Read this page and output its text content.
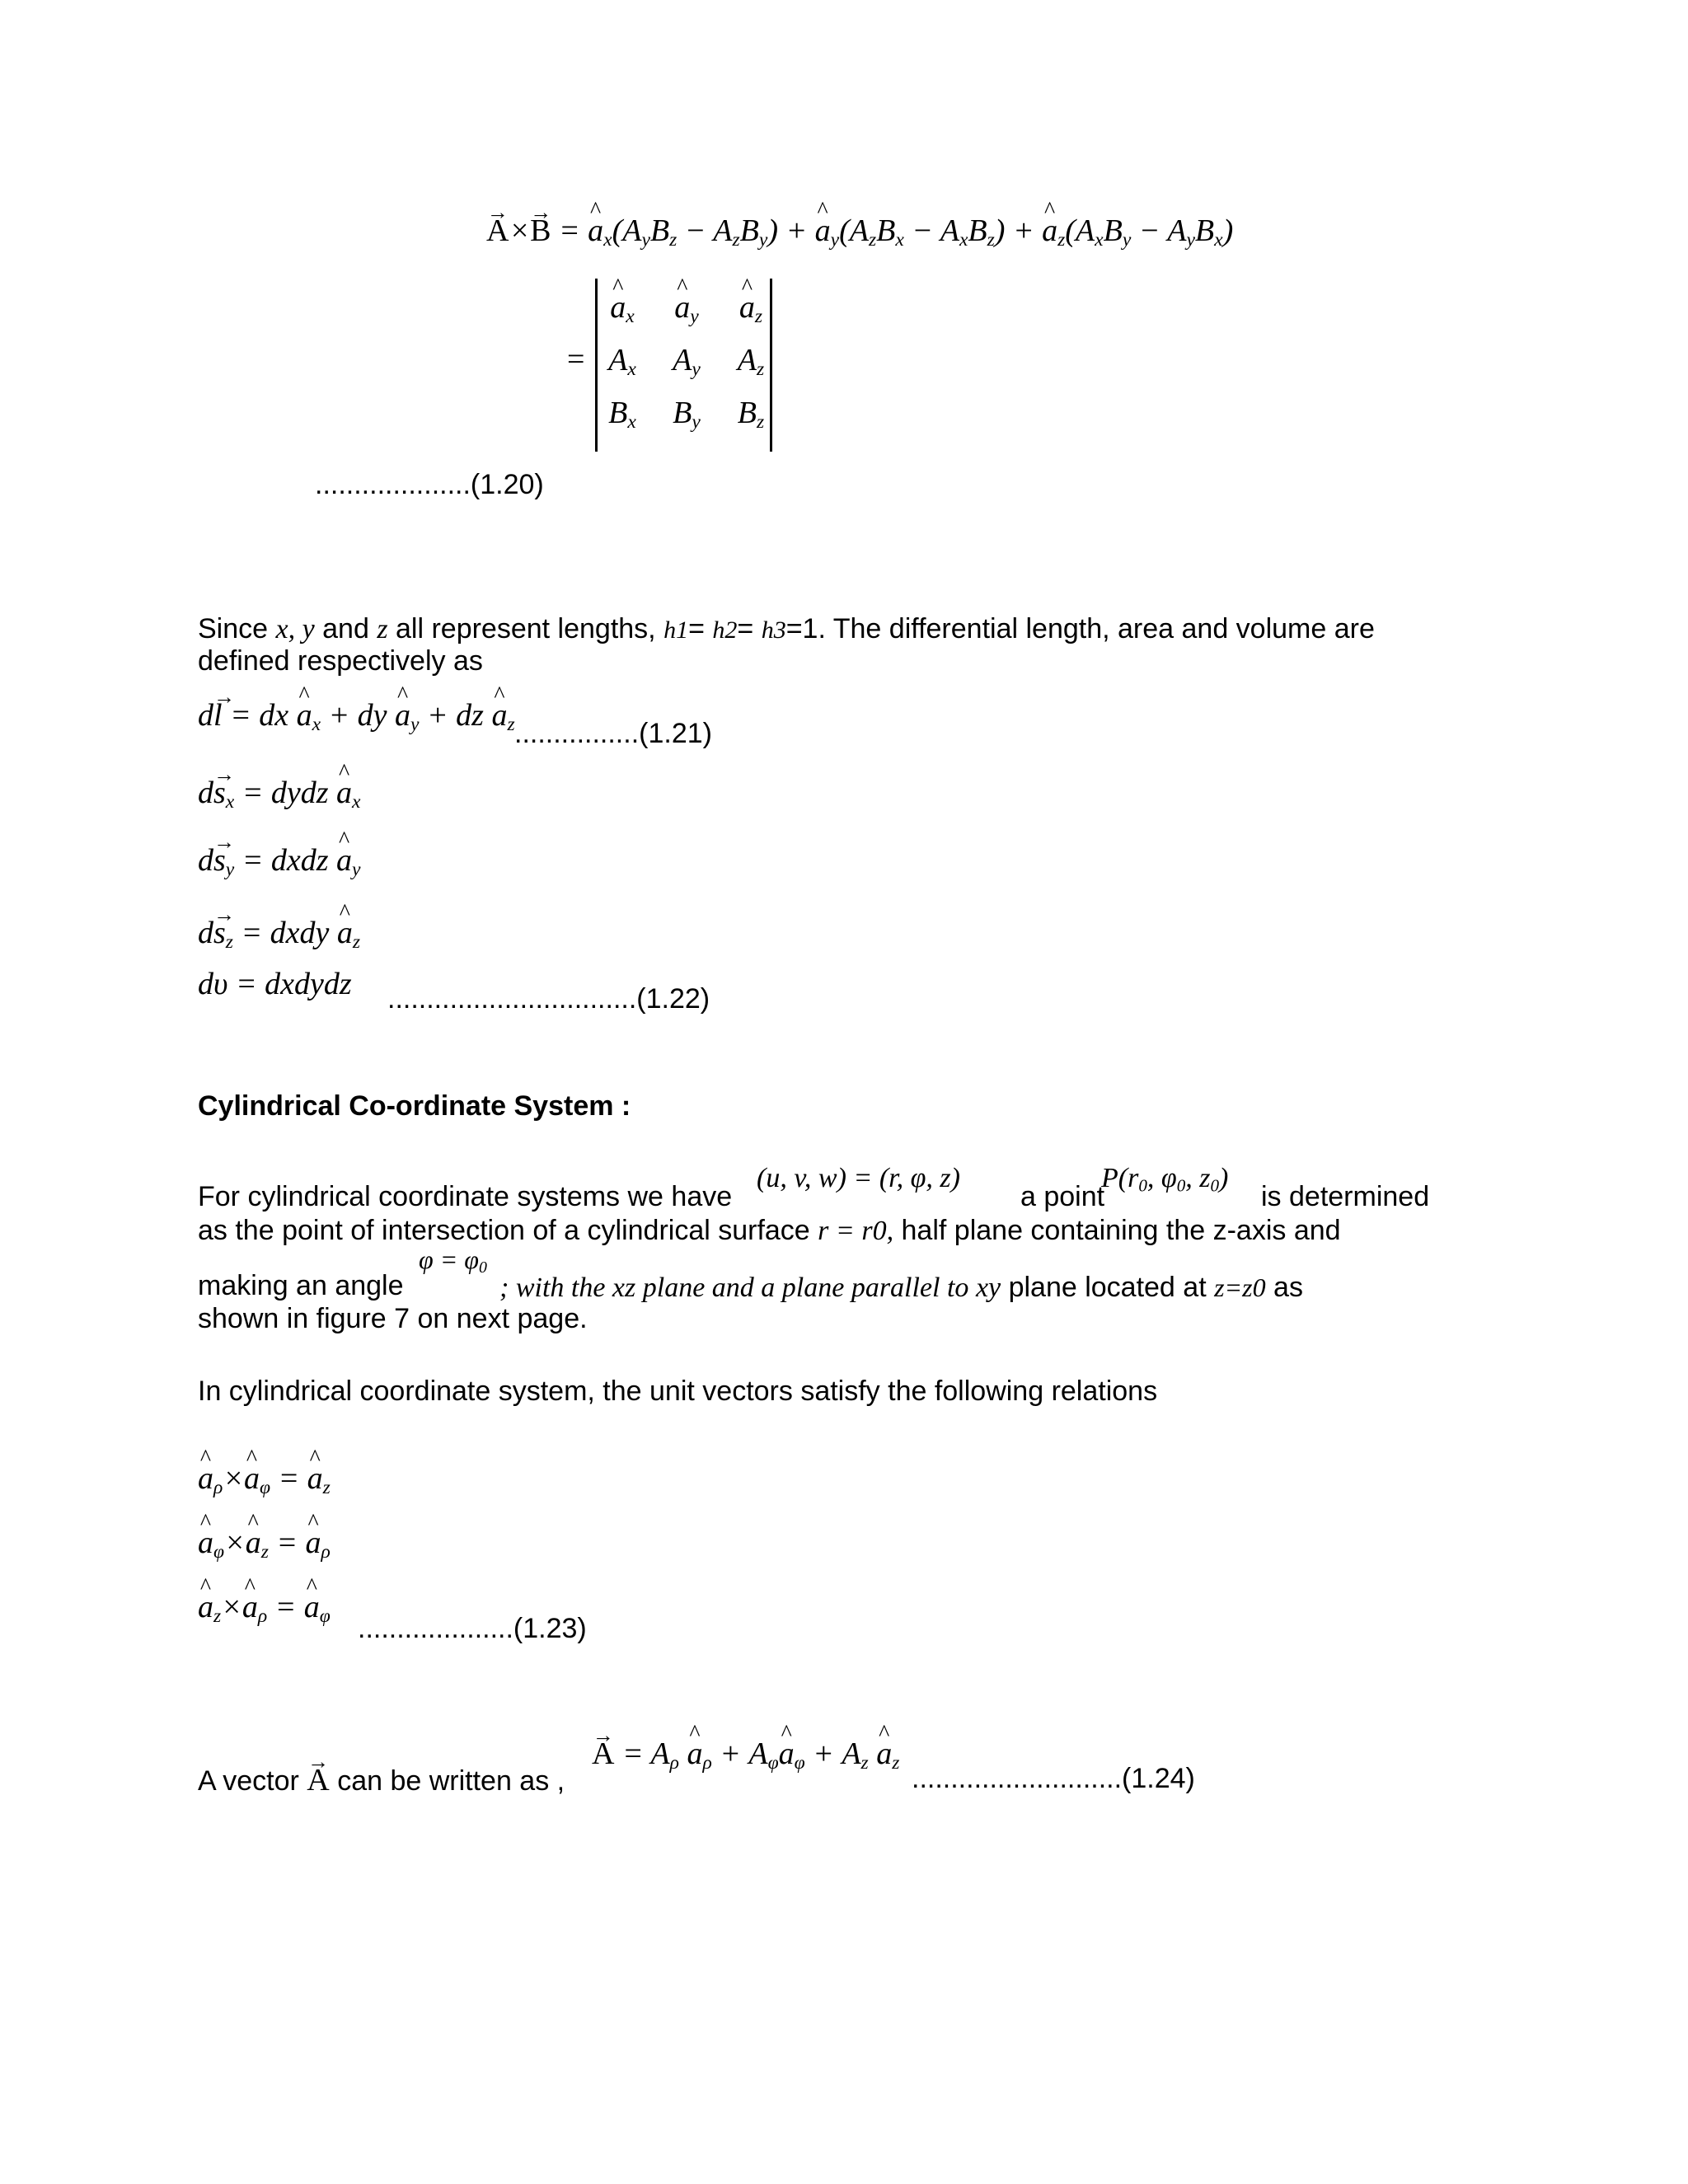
→ A×→ B = ^ $a_x(A_yB_z - A_zB_y)$ + ^ $a_y(A_zB_x - A_xB_z)$ + ^ $a_z(A_xB_y - A_yB_x)$
=
^ $a_x$	^ $a_y$	^ $a_z$
$A_x$	$A_y$	$A_z$
$B_x$	$B_y$	$B_z$
....................(1.20)
Since x, y and z all represent lengths, h1= h2= h3=1. The differential length, area and volume are
defined respectively as
d→ l = dx ^ $a_x$ + dy ^ $a_y$ + dz ^ $a_z$ ................(1.21)
$d\to s_x$ = dydz ^ $a_x$
$d\to s_y$ = dxdz ^ $a_y$
$d\to s_z$ = dxdy ^ $a_z$
dυ = dxdydz ................................(1.22)
Cylindrical Co-ordinate System :
For cylindrical coordinate systems we have
(u, v, w) = (r, φ, z)
a point
$P(r_0$, $\varphi_0$, $z_0$)
is determined
as the point of intersection of a cylindrical surface r = r0, half plane containing the z-axis and
making an angle
$\varphi = \varphi_0$
; with the xz plane and a plane parallel to xy plane located at z=z0 as
shown in figure 7 on next page.
In cylindrical coordinate system, the unit vectors satisfy the following relations
^ $a_\rho\times\^{}$ $a_\varphi$ = ^ $a_z$
^ $a_\varphi\times\^{}$ $a_z$ = ^ $a_\rho$
^ $a_z\times\^{}$ $a_\rho$ = ^ $a_\varphi$ ....................(1.23)
A vector → A can be written as ,
→ $A = A_\rho$ ^ $a_\rho$ + $A_\varphi\^{}$ $a_\varphi + A_z$ ^ $a_z$
...........................(1.24)
